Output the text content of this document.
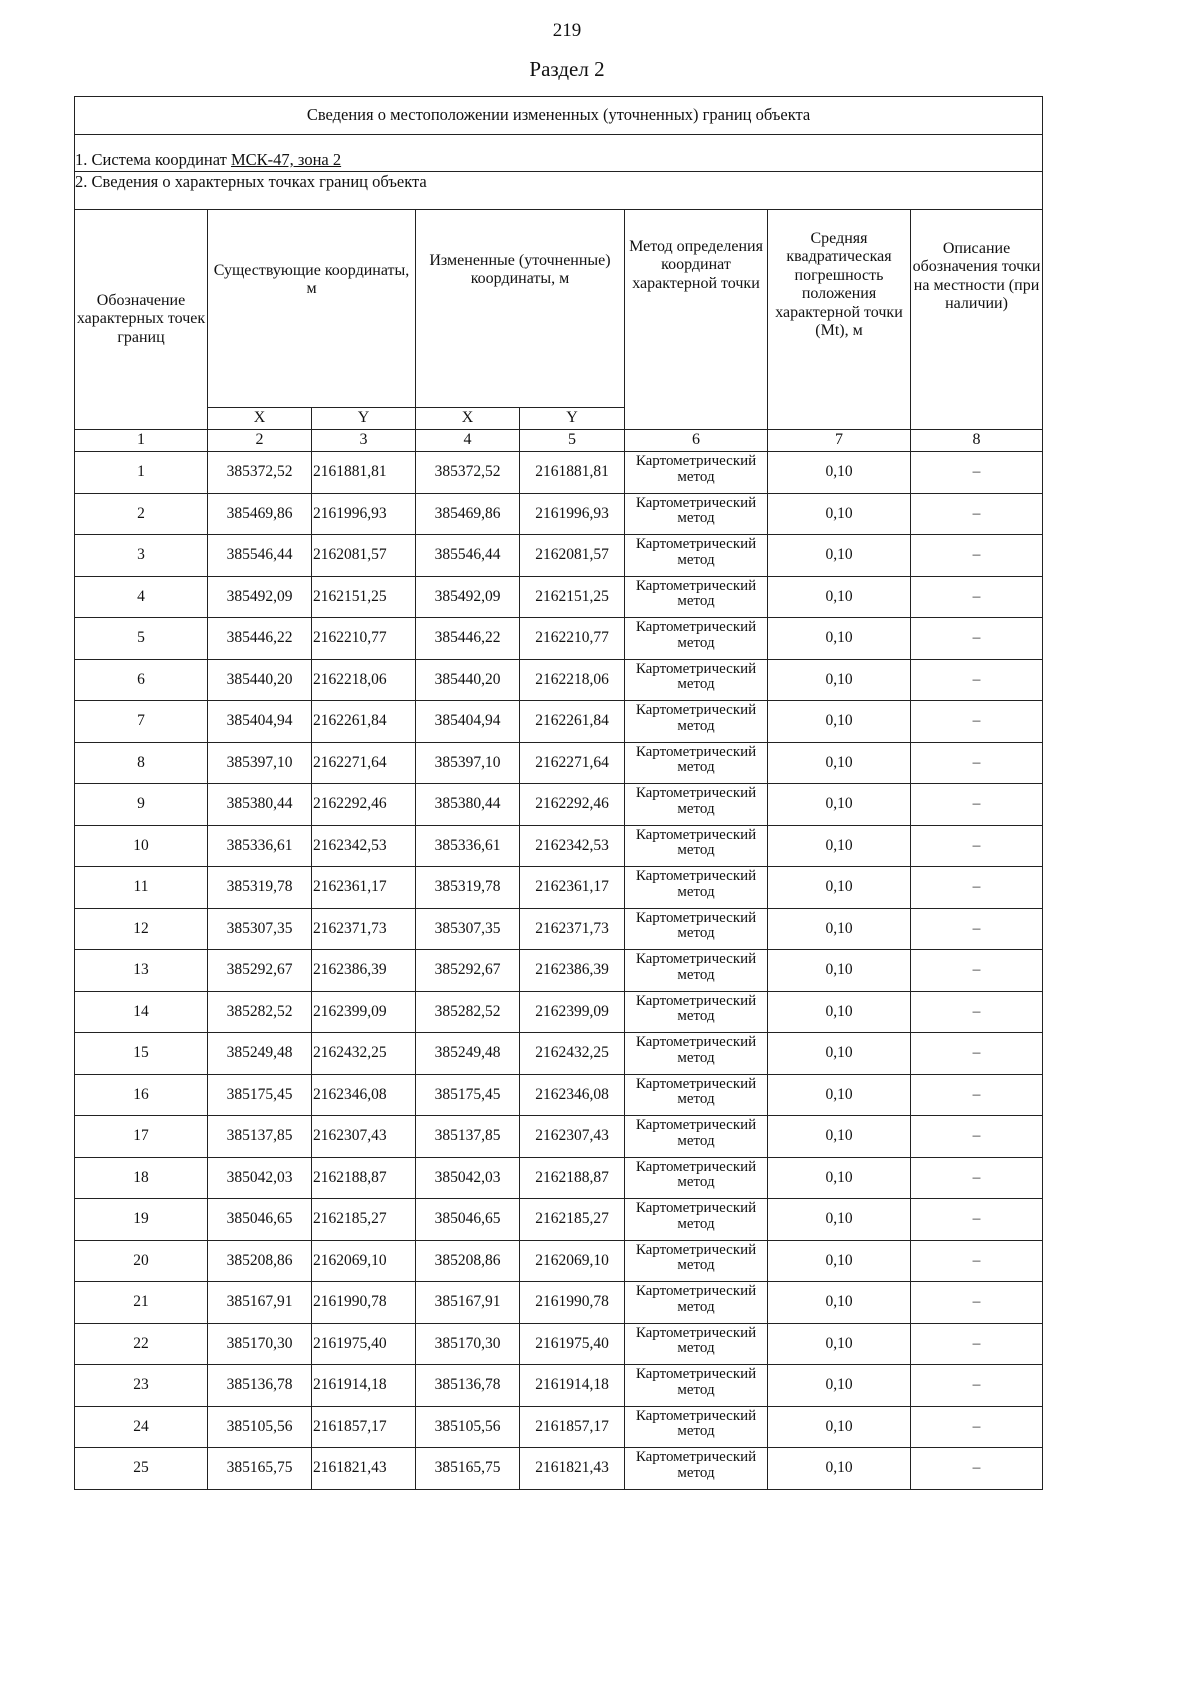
219
Раздел 2
Сведения о местоположении измененных (уточненных) границ объекта							
1. Система координат МСК-47, зона 2							
2. Сведения о характерных точках границ объекта							
Обозначение характерных точек границ	Существующие координаты, м		Измененные (уточненные) координаты, м		Метод определения координат характерной точки	Средняя квадратическая погрешность положения характерной точки (Мt), м	Описание обозначения точки на местности (при наличии)
	X	Y	X	Y			
1	2	3	4	5	6	7	8
1	385372,52	2161881,81	385372,52	2161881,81	Картометрический метод	0,10	–
2	385469,86	2161996,93	385469,86	2161996,93	Картометрический метод	0,10	–
3	385546,44	2162081,57	385546,44	2162081,57	Картометрический метод	0,10	–
4	385492,09	2162151,25	385492,09	2162151,25	Картометрический метод	0,10	–
5	385446,22	2162210,77	385446,22	2162210,77	Картометрический метод	0,10	–
6	385440,20	2162218,06	385440,20	2162218,06	Картометрический метод	0,10	–
7	385404,94	2162261,84	385404,94	2162261,84	Картометрический метод	0,10	–
8	385397,10	2162271,64	385397,10	2162271,64	Картометрический метод	0,10	–
9	385380,44	2162292,46	385380,44	2162292,46	Картометрический метод	0,10	–
10	385336,61	2162342,53	385336,61	2162342,53	Картометрический метод	0,10	–
11	385319,78	2162361,17	385319,78	2162361,17	Картометрический метод	0,10	–
12	385307,35	2162371,73	385307,35	2162371,73	Картометрический метод	0,10	–
13	385292,67	2162386,39	385292,67	2162386,39	Картометрический метод	0,10	–
14	385282,52	2162399,09	385282,52	2162399,09	Картометрический метод	0,10	–
15	385249,48	2162432,25	385249,48	2162432,25	Картометрический метод	0,10	–
16	385175,45	2162346,08	385175,45	2162346,08	Картометрический метод	0,10	–
17	385137,85	2162307,43	385137,85	2162307,43	Картометрический метод	0,10	–
18	385042,03	2162188,87	385042,03	2162188,87	Картометрический метод	0,10	–
19	385046,65	2162185,27	385046,65	2162185,27	Картометрический метод	0,10	–
20	385208,86	2162069,10	385208,86	2162069,10	Картометрический метод	0,10	–
21	385167,91	2161990,78	385167,91	2161990,78	Картометрический метод	0,10	–
22	385170,30	2161975,40	385170,30	2161975,40	Картометрический метод	0,10	–
23	385136,78	2161914,18	385136,78	2161914,18	Картометрический метод	0,10	–
24	385105,56	2161857,17	385105,56	2161857,17	Картометрический метод	0,10	–
25	385165,75	2161821,43	385165,75	2161821,43	Картометрический метод	0,10	–
